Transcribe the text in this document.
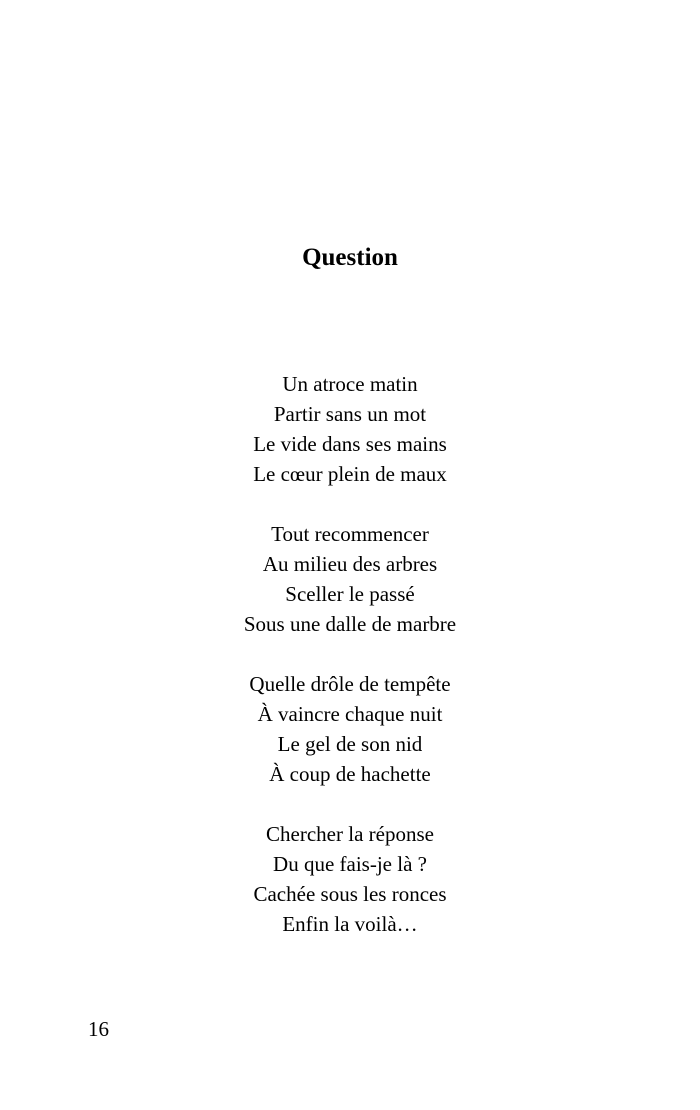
Question
Un atroce matin
Partir sans un mot
Le vide dans ses mains
Le cœur plein de maux
Tout recommencer
Au milieu des arbres
Sceller le passé
Sous une dalle de marbre
Quelle drôle de tempête
À vaincre chaque nuit
Le gel de son nid
À coup de hachette
Chercher la réponse
Du que fais-je là ?
Cachée sous les ronces
Enfin la voilà…
16
